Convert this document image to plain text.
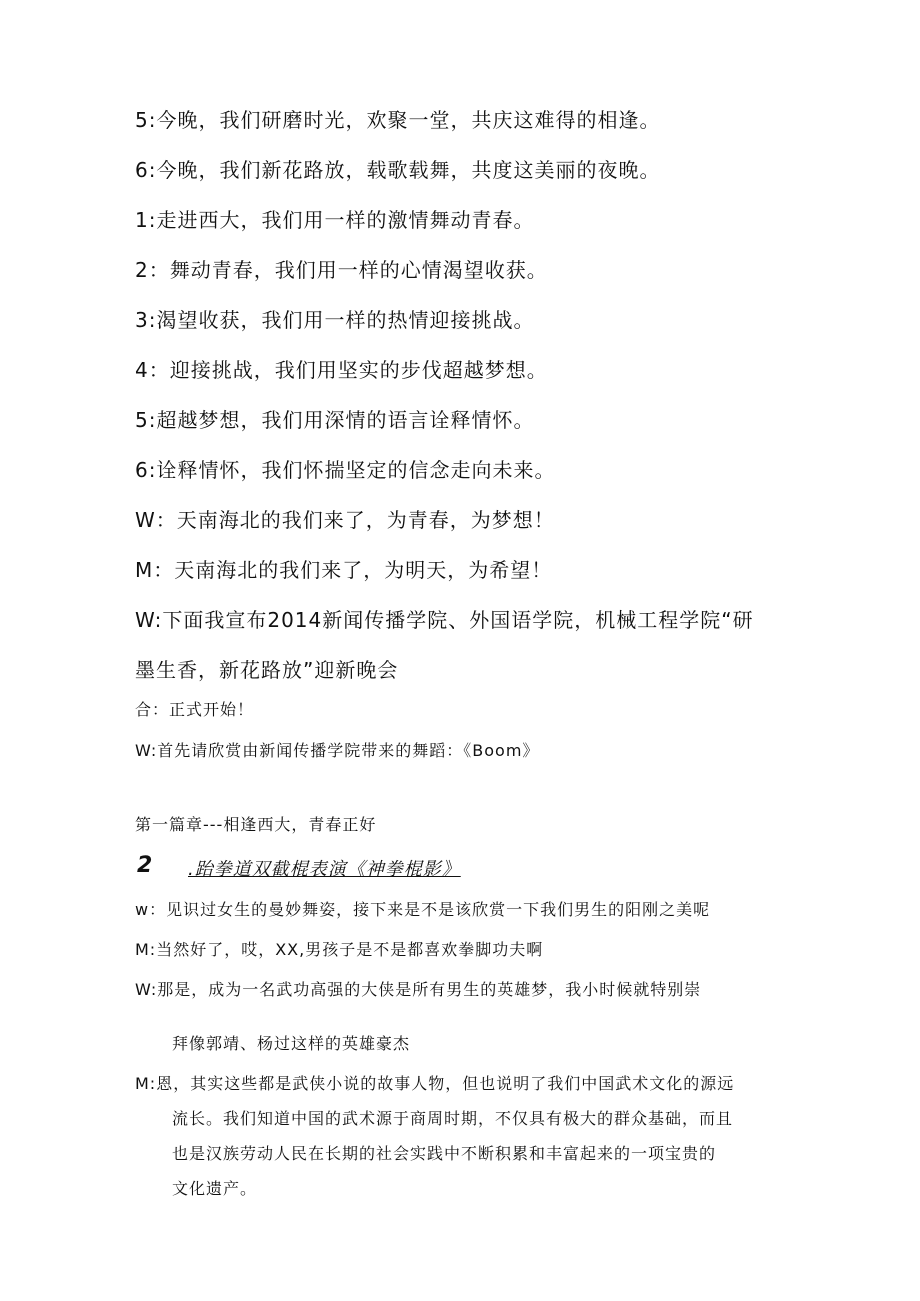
5:今晚，我们研磨时光，欢聚一堂，共庆这难得的相逢。
6:今晚，我们新花路放，载歌载舞，共度这美丽的夜晚。
1:走进西大，我们用一样的激情舞动青春。
2：舞动青春，我们用一样的心情渴望收获。
3:渴望收获，我们用一样的热情迎接挑战。
4：迎接挑战，我们用坚实的步伐超越梦想。
5:超越梦想，我们用深情的语言诠释情怀。
6:诠释情怀，我们怀揣坚定的信念走向未来。
W：天南海北的我们来了，为青春，为梦想！
M：天南海北的我们来了，为明天，为希望！
W:下面我宣布2014新闻传播学院、外国语学院，机械工程学院“研
墨生香，新花路放”迎新晚会
合：正式开始！
W:首先请欣赏由新闻传播学院带来的舞蹈：《Boom》
第一篇章---相逢西大，青春正好
2 .跆拳道双截棍表演《神拳棍影》
w：见识过女生的曼妙舞姿，接下来是不是该欣赏一下我们男生的阳刚之美呢
M:当然好了，哎，XX,男孩子是不是都喜欢拳脚功夫啊
W:那是，成为一名武功高强的大侠是所有男生的英雄梦，我小时候就特别崇
拜像郭靖、杨过这样的英雄豪杰
M:恩，其实这些都是武侠小说的故事人物，但也说明了我们中国武术文化的源远
流长。我们知道中国的武术源于商周时期，不仅具有极大的群众基础，而且
也是汉族劳动人民在长期的社会实践中不断积累和丰富起来的一项宝贵的
文化遗产。
